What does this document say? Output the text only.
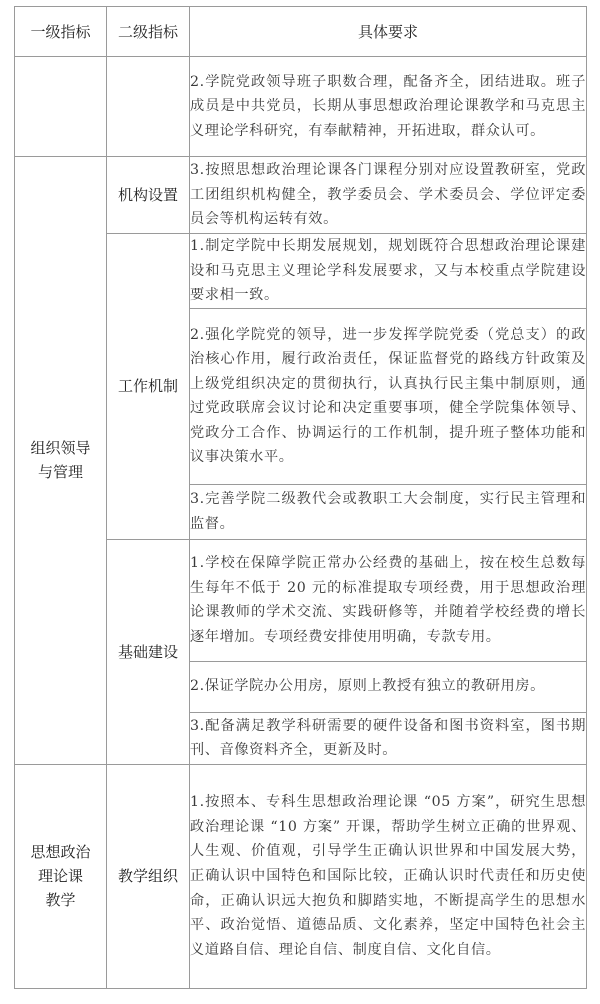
一级指标	二级指标	具体要求
		2.学院党政领导班子职数合理，配备齐全，团结进取。班子成员是中共党员，长期从事思想政治理论课教学和马克思主义理论学科研究，有奉献精神，开拓进取，群众认可。

组织领导
与管理	机构设置	3.按照思想政治理论课各门课程分别对应设置教研室，党政工团组织机构健全，教学委员会、学术委员会、学位评定委员会等机构运转有效。
	工作机制	1.制定学院中长期发展规划，规划既符合思想政治理论课建设和马克思主义理论学科发展要求，又与本校重点学院建设要求相一致。
		2.强化学院党的领导，进一步发挥学院党委（党总支）的政治核心作用，履行政治责任，保证监督党的路线方针政策及上级党组织决定的贯彻执行，认真执行民主集中制原则，通过党政联席会议讨论和决定重要事项，健全学院集体领导、党政分工合作、协调运行的工作机制，提升班子整体功能和议事决策水平。
		3.完善学院二级教代会或教职工大会制度，实行民主管理和监督。
	基础建设	1.学校在保障学院正常办公经费的基础上，按在校生总数每生每年不低于 20 元的标准提取专项经费，用于思想政治理论课教师的学术交流、实践研修等，并随着学校经费的增长逐年增加。专项经费安排使用明确，专款专用。
		2.保证学院办公用房，原则上教授有独立的教研用房。
		3.配备满足教学科研需要的硬件设备和图书资料室，图书期刊、音像资料齐全，更新及时。

思想政治
理论课
教学	教学组织	1.按照本、专科生思想政治理论课 “05 方案”，研究生思想政治理论课 “10 方案” 开课，帮助学生树立正确的世界观、人生观、价值观，引导学生正确认识世界和中国发展大势，正确认识中国特色和国际比较，正确认识时代责任和历史使命，正确认识远大抱负和脚踏实地，不断提高学生的思想水平、政治觉悟、道德品质、文化素养，坚定中国特色社会主义道路自信、理论自信、制度自信、文化自信。
